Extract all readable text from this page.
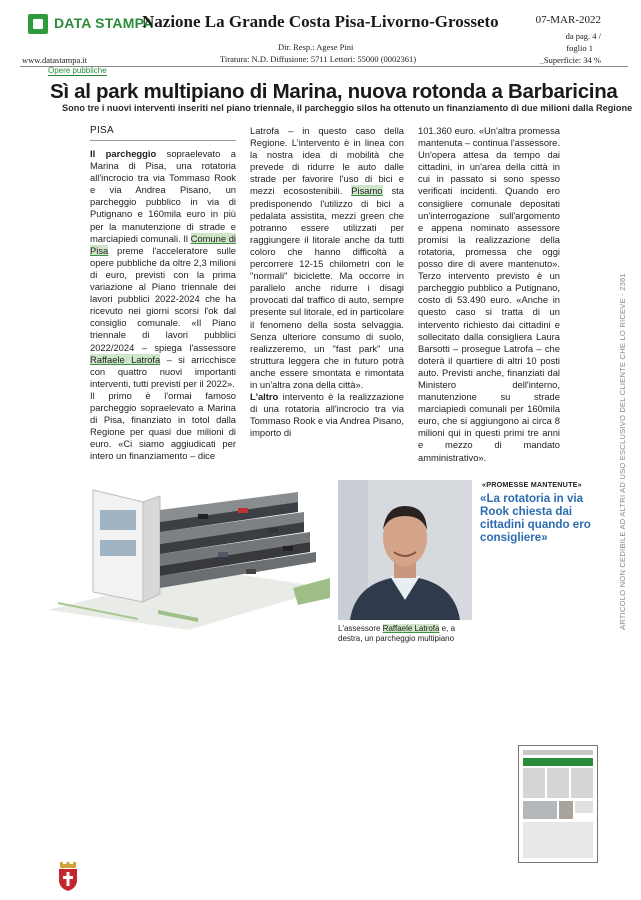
DATA STAMPA
Nazione La Grande Costa Pisa-Livorno-Grosseto	07-MAR-2022
da pag. 4 /
foglio 1
Dir. Resp.: Agese Pini
Tiratura: N.D. Diffusione: 5711 Lettori: 55000 (0002361)
www.datastampa.it	_Superficie: 34 %
Opere pubbliche
Sì al park multipiano di Marina, nuova rotonda a Barbaricina
Sono tre i nuovi interventi inseriti nel piano triennale, il parcheggio silos ha ottenuto un finanziamento di due milioni dalla Regione
PISA

Il parcheggio sopraelevato a Marina di Pisa, una rotatoria all'incrocio tra via Tommaso Rook e via Andrea Pisano, un parcheggio pubblico in via di Putignano e 160mila euro in più per la manutenzione di strade e marciapiedi comunali. Il Comune di Pisa preme l'acceleratore sulle opere pubbliche da oltre 2,3 milioni di euro, previsti con la prima variazione al Piano triennale dei lavori pubblici 2022-2024 che ha ricevuto nei giorni scorsi l'ok dal consiglio comunale. «Il Piano triennale di lavori pubblici 2022/2024 – spiega l'assessore Raffaele Latrofa – si arricchisce con quattro nuovi importanti interventi, tutti previsti per il 2022».

Il primo è l'ormai famoso parcheggio sopraelevato a Marina di Pisa, finanziato in totol dalla Regione per quasi due milioni di euro. «Ci siamo aggiudicati per intero un finanziamento – dice

Latrofa – in questo caso della Regione. L'intervento è in linea con la nostra idea di mobilità che prevede di ridurre le auto dalle strade per favorire l'uso di bici e mezzi ecosostenibili. Pisamo sta predisponendo l'utilizzo di bici a pedalata assistita, mezzi green che potranno essere utilizzati per raggiungere il litorale anche da tutti coloro che hanno difficoltà a percorrere 12-15 chilometri con le "normali" biciclette. Ma occorre in parallelo anche ridurre i disagi provocati dal traffico di auto, sempre presente sul litorale, ed in particolare il fenomeno della sosta selvaggia. Senza ulteriore consumo di suolo, realizzeremo, un "fast park" una struttura leggera che in futuro potrà anche essere smontata e rimontata in un'altra zona della città».

L'altro intervento è la realizzazione di una rotatoria all'incrocio tra via Tommaso Rook e via Andrea Pisano, importo di

101.360 euro. «Un'altra promessa mantenuta – continua l'assessore. Un'opera attesa da tempo dai cittadini, in un'area della città in cui in passato si sono spesso verificati incidenti. Quando ero consigliere comunale depositati un'interrogazione sull'argomento e appena nominato assessore promisi la realizzazione della rotatoria, promessa che oggi posso dire di avere mantenuto». Terzo intervento previsto è un parcheggio pubblico a Putignano, costo di 53.490 euro. «Anche in questo caso si tratta di un intervento richiesto dai cittadini e sollecitato dalla consigliera Laura Barsotti – prosegue Latrofa – che doterà il quartiere di altri 10 posti auto. Previsti anche, finanziati dal Ministero dell'interno, manutenzione su strade marciapiedi comunali per 160mila euro, che si aggiungono ai circa 8 milioni qui in questi primi tre anni e mezzo di mandato amministrativo».

L'assessore Raffaele Latrofa e, a destra, un parcheggio multipiano
«PROMESSE MANTENUTE»
«La rotatoria in via Rook chiesta dai cittadini quando ero consigliere»	ARTICOLO NON CEDIBILE AD ALTRI AD USO ESCLUSIVO DEL CLIENTE CHE LO RICEVE - 2361
